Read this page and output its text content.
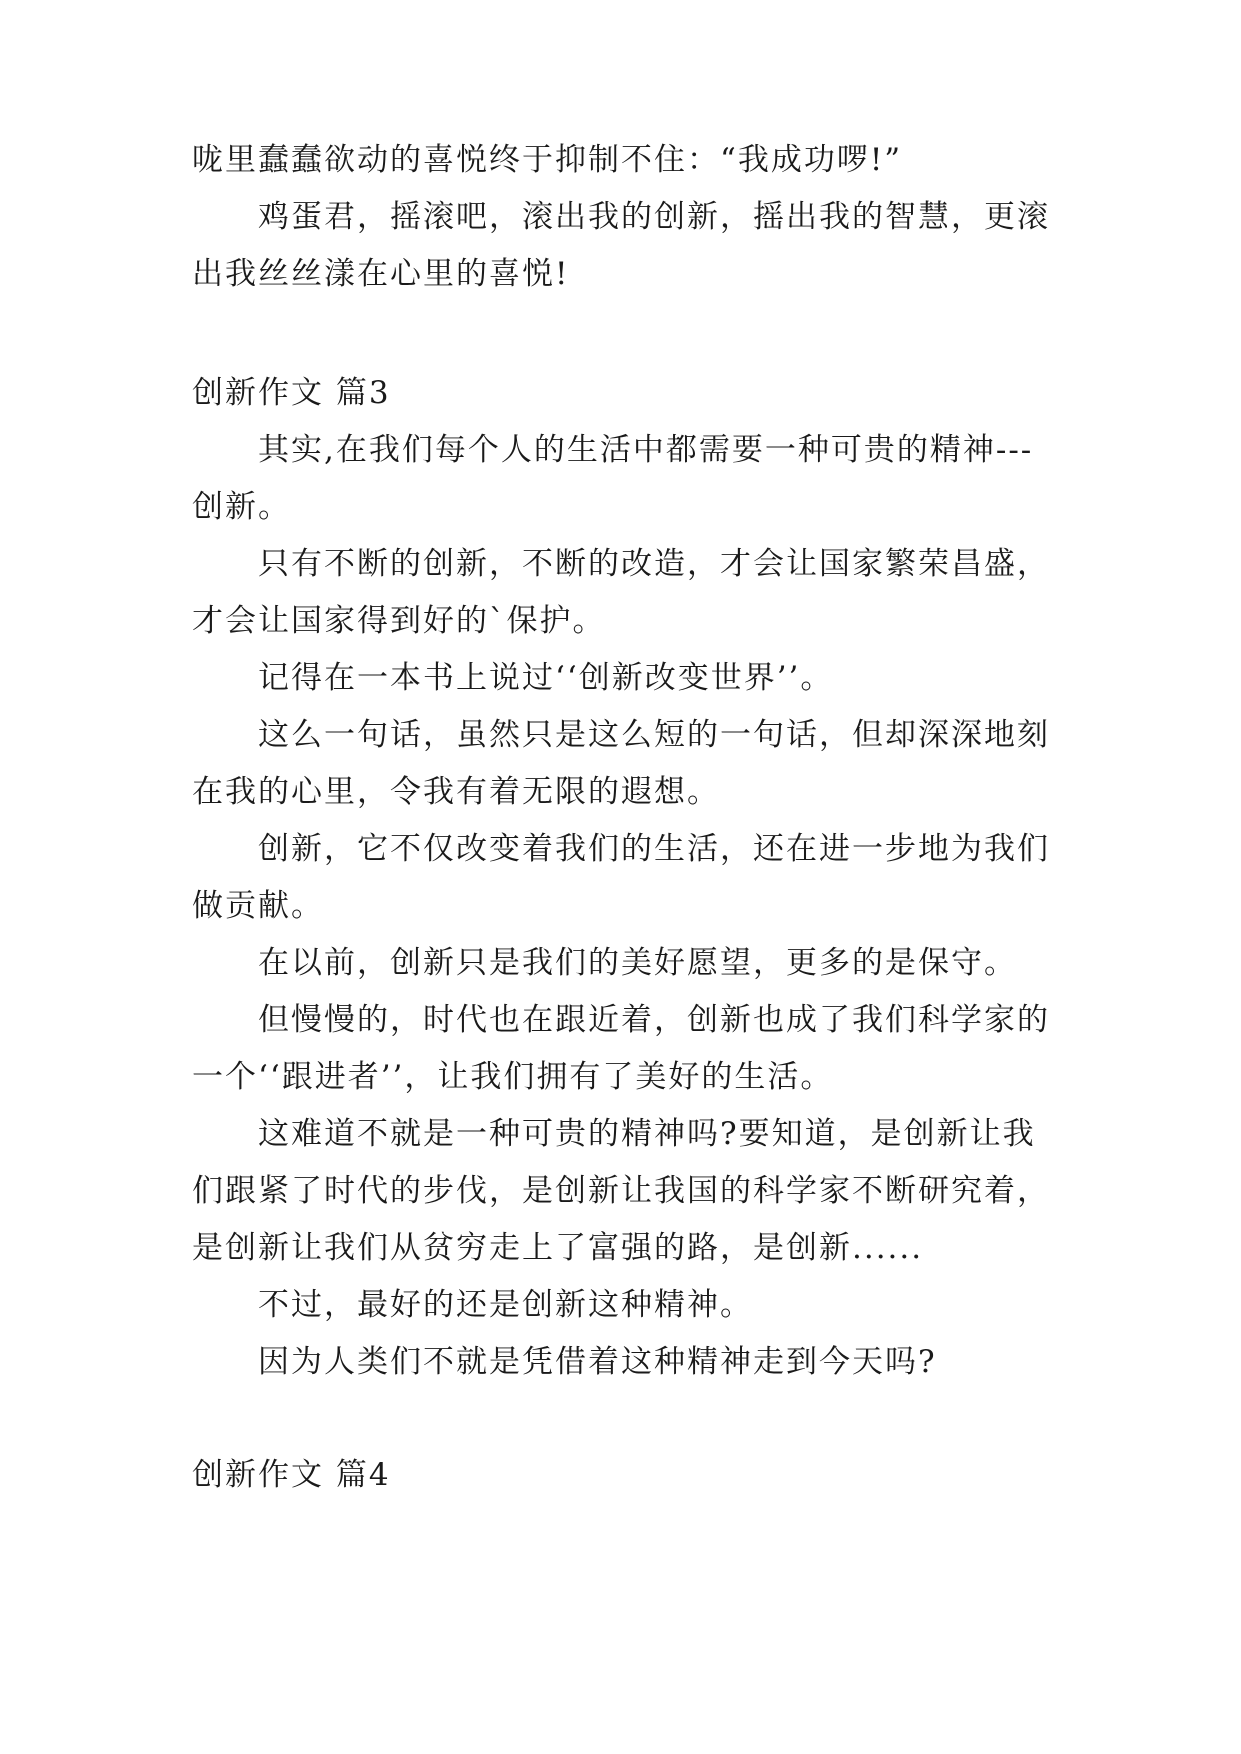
咙里蠢蠢欲动的喜悦终于抑制不住：“我成功啰!”
鸡蛋君，摇滚吧，滚出我的创新，摇出我的智慧，更滚
出我丝丝漾在心里的喜悦!
创新作文 篇3
其实,在我们每个人的生活中都需要一种可贵的精神---
创新。
只有不断的创新，不断的改造，才会让国家繁荣昌盛，
才会让国家得到好的`保护。
记得在一本书上说过‘‘创新改变世界’’。
这么一句话，虽然只是这么短的一句话，但却深深地刻
在我的心里，令我有着无限的遐想。
创新，它不仅改变着我们的生活，还在进一步地为我们
做贡献。
在以前，创新只是我们的美好愿望，更多的是保守。
但慢慢的，时代也在跟近着，创新也成了我们科学家的
一个‘‘跟进者’’，让我们拥有了美好的生活。
这难道不就是一种可贵的精神吗?要知道，是创新让我
们跟紧了时代的步伐，是创新让我国的科学家不断研究着，
是创新让我们从贫穷走上了富强的路，是创新......
不过，最好的还是创新这种精神。
因为人类们不就是凭借着这种精神走到今天吗?
创新作文 篇4
